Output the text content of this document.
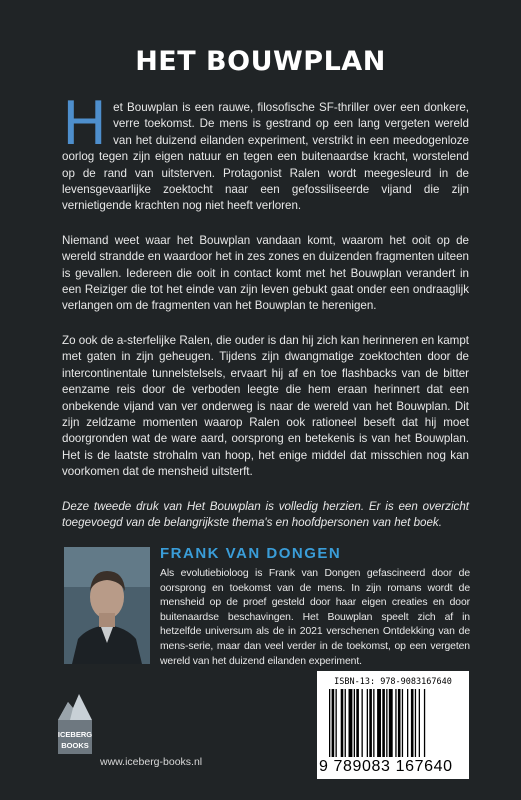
HET BOUWPLAN

Het Bouwplan is een rauwe, filosofische SF-thriller over een donkere, verre toekomst. De mens is gestrand op een lang vergeten wereld van het duizend eilanden experiment, verstrikt in een meedogenloze oorlog tegen zijn eigen natuur en tegen een buitenaardse kracht, worstelend op de rand van uitsterven. Protagonist Ralen wordt meegesleurd in de levensgevaarlijke zoektocht naar een gefossiliseerde vijand die zijn vernietigende krachten nog niet heeft verloren.

Niemand weet waar het Bouwplan vandaan komt, waarom het ooit op de wereld strandde en waardoor het in zes zones en duizenden fragmenten uiteen is gevallen. Iedereen die ooit in contact komt met het Bouwplan verandert in een Reiziger die tot het einde van zijn leven gebukt gaat onder een ondraaglijk verlangen om de fragmenten van het Bouwplan te herenigen.

Zo ook de a-sterfelijke Ralen, die ouder is dan hij zich kan herinneren en kampt met gaten in zijn geheugen. Tijdens zijn dwangmatige zoektochten door de intercontinentale tunnelstelsels, ervaart hij af en toe flashbacks van de bitter eenzame reis door de verboden leegte die hem eraan herinnert dat een onbekende vijand van ver onderweg is naar de wereld van het Bouwplan. Dit zijn zeldzame momenten waarop Ralen ook rationeel beseft dat hij moet doorgronden wat de ware aard, oorsprong en betekenis is van het Bouwplan. Het is de laatste strohalm van hoop, het enige middel dat misschien nog kan voorkomen dat de mensheid uitsterft.

Deze tweede druk van Het Bouwplan is volledig herzien. Er is een overzicht toegevoegd van de belangrijkste thema's en hoofdpersonen van het boek.

FRANK VAN DONGEN
Als evolutiebioloog is Frank van Dongen gefascineerd door de oorsprong en toekomst van de mens. In zijn romans wordt de mensheid op de proef gesteld door haar eigen creaties en door buitenaardse beschavingen. Het Bouwplan speelt zich af in hetzelfde universum als de in 2021 verschenen Ontdekking van de mens-serie, maar dan veel verder in de toekomst, op een vergeten wereld van het duizend eilanden experiment.
ICEBERG
BOOKS
www.iceberg-books.nl
ISBN-13: 978-9083167640
9 789083 167640
